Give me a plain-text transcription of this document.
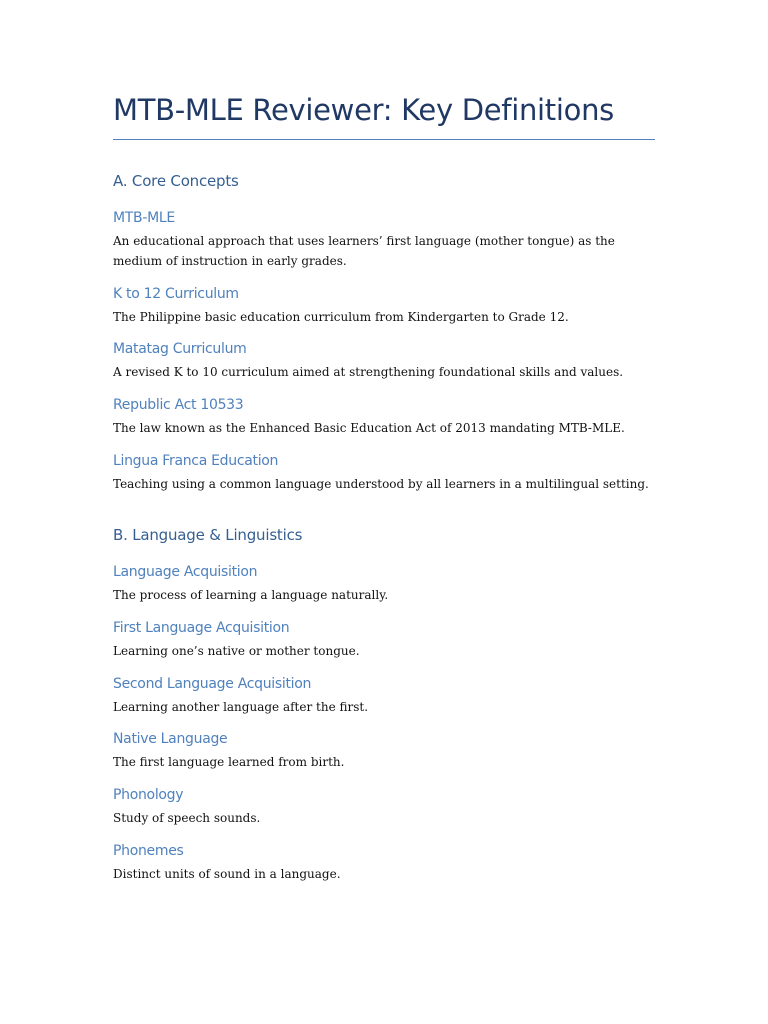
MTB-MLE Reviewer: Key Definitions
A. Core Concepts
MTB-MLE

An educational approach that uses learners’ first language (mother tongue) as the medium of instruction in early grades.

K to 12 Curriculum

The Philippine basic education curriculum from Kindergarten to Grade 12.

Matatag Curriculum

A revised K to 10 curriculum aimed at strengthening foundational skills and values.

Republic Act 10533

The law known as the Enhanced Basic Education Act of 2013 mandating MTB-MLE.

Lingua Franca Education

Teaching using a common language understood by all learners in a multilingual setting.

B. Language & Linguistics
Language Acquisition

The process of learning a language naturally.

First Language Acquisition

Learning one’s native or mother tongue.

Second Language Acquisition

Learning another language after the first.

Native Language

The first language learned from birth.

Phonology

Study of speech sounds.

Phonemes

Distinct units of sound in a language.
